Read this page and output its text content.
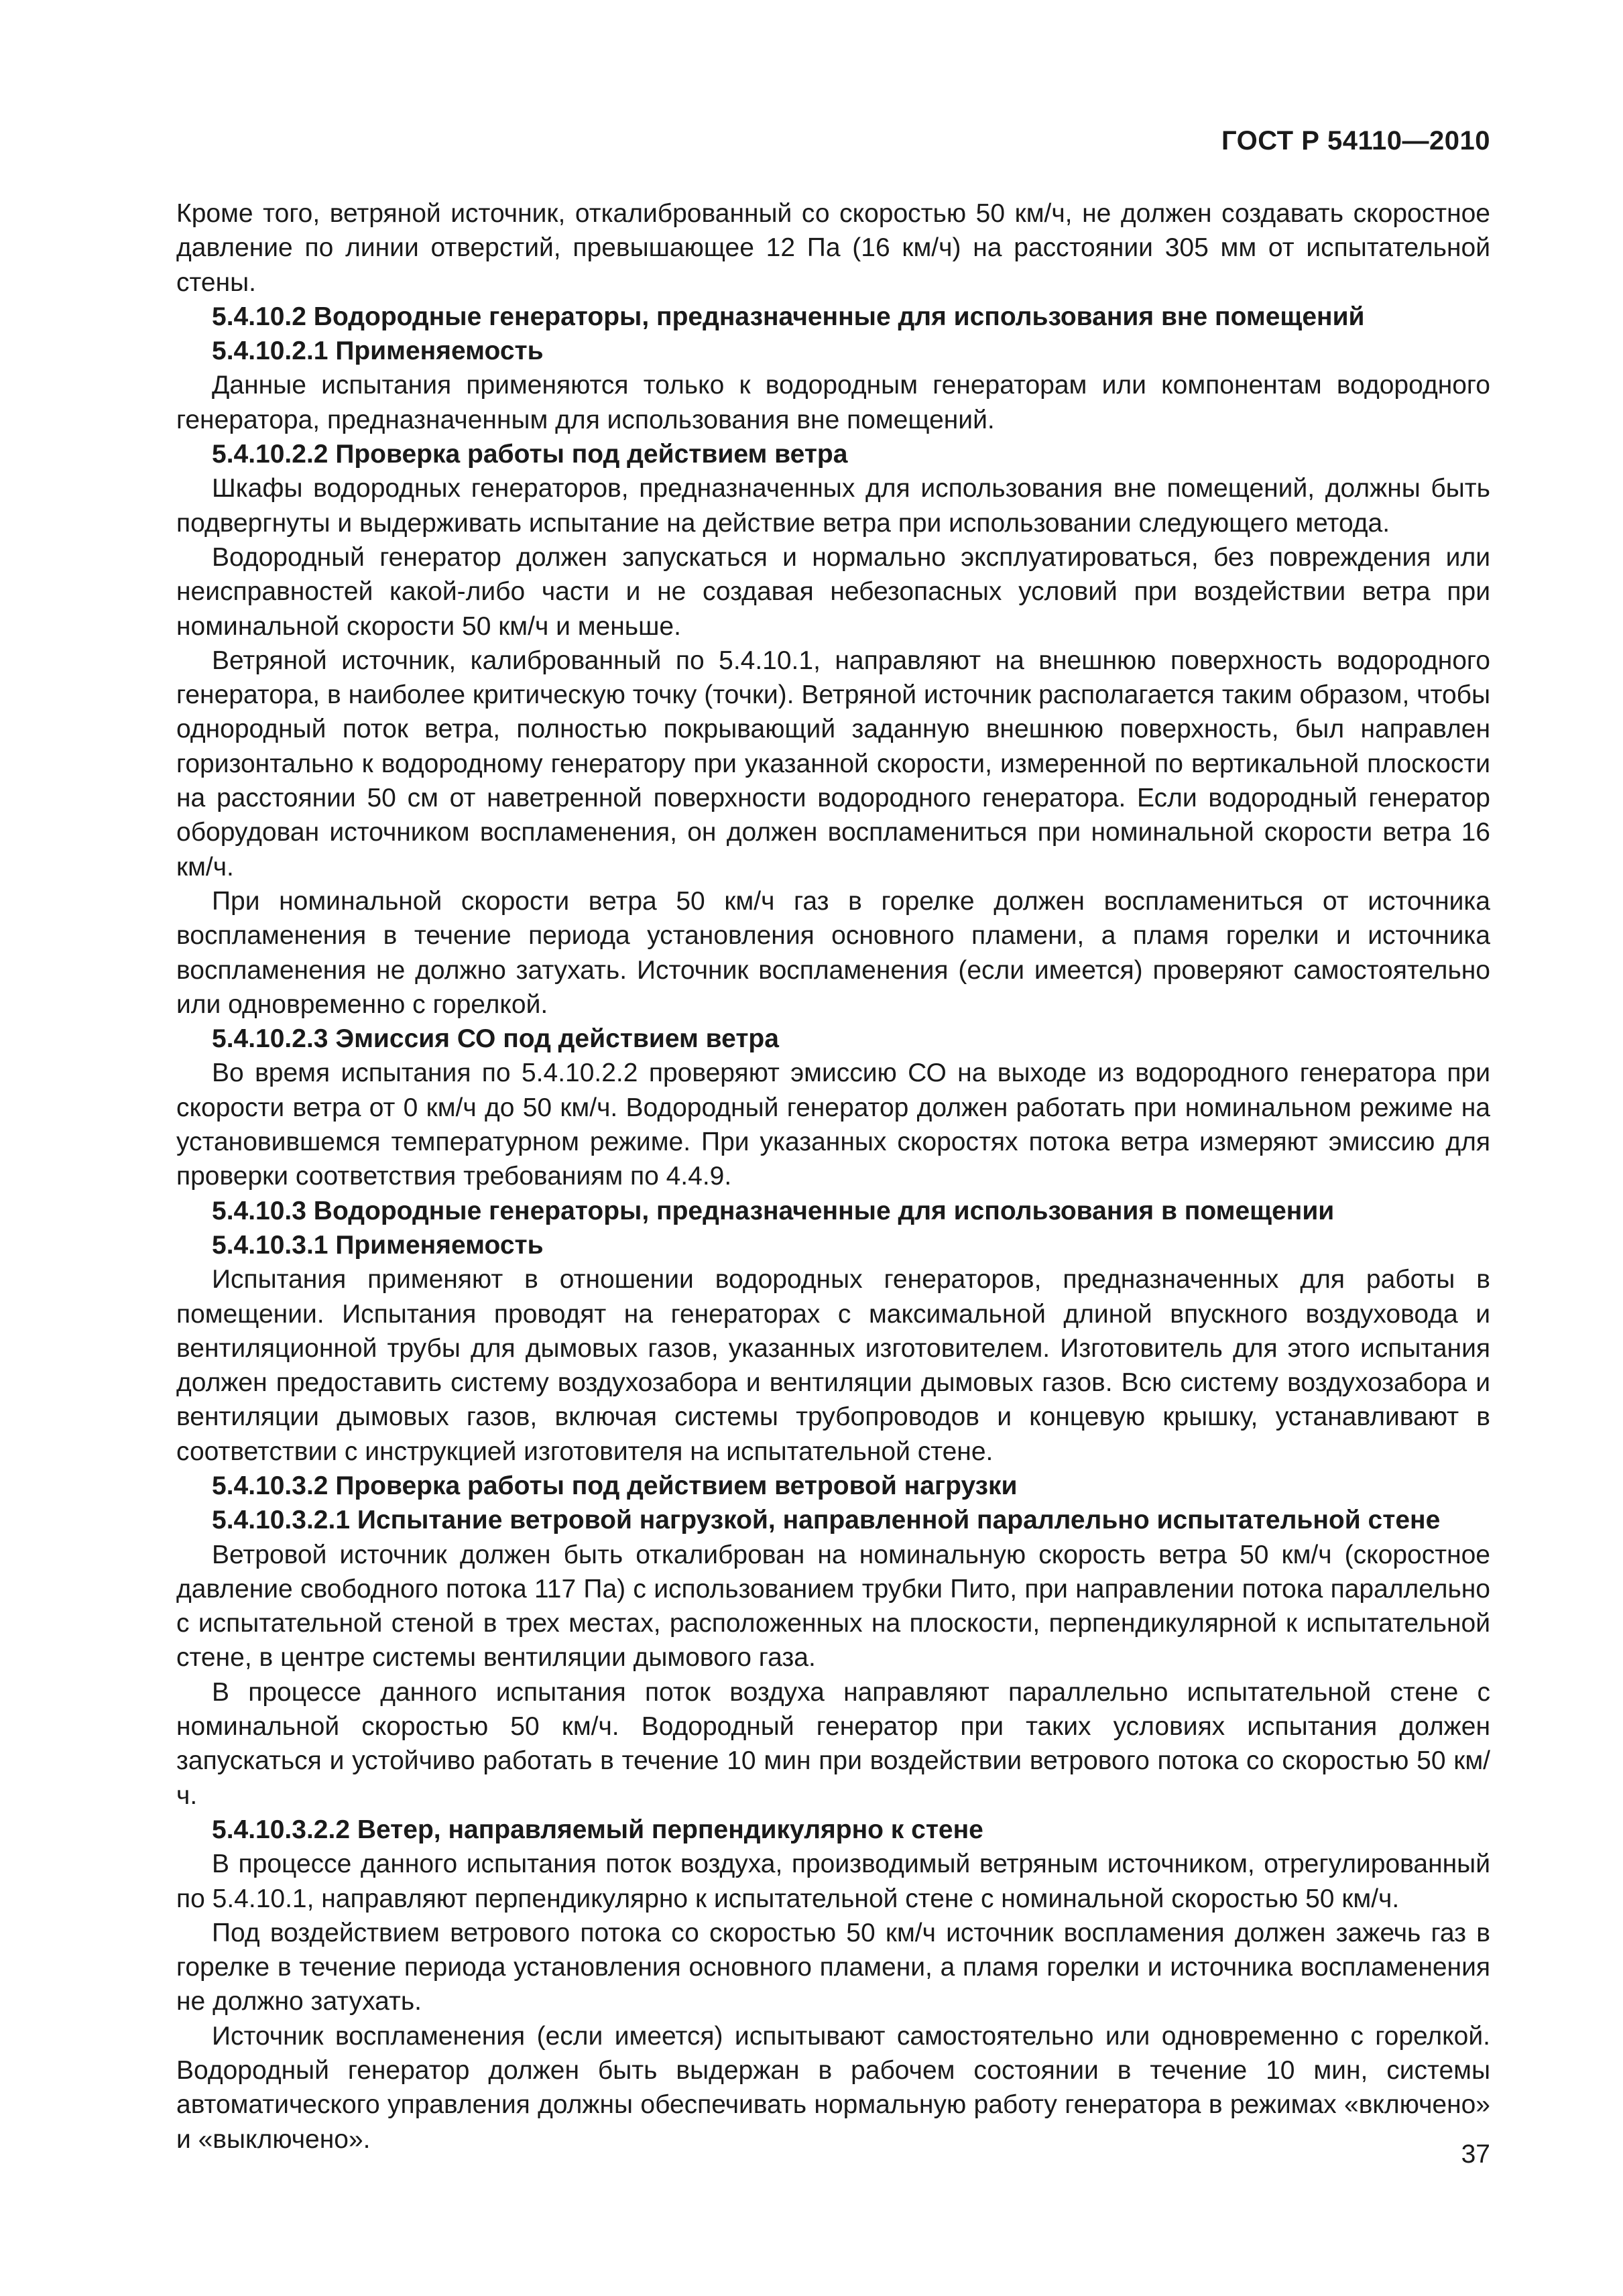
ГОСТ Р 54110—2010

Кроме того, ветряной источник, откалиброванный со скоростью 50 км/ч, не должен создавать скоростное давление по линии отверстий, превышающее 12 Па (16 км/ч) на расстоянии 305 мм от испытательной стены.

5.4.10.2 Водородные генераторы, предназначенные для использования вне помещений

5.4.10.2.1 Применяемость

Данные испытания применяются только к водородным генераторам или компонентам водородного генератора, предназначенным для использования вне помещений.

5.4.10.2.2 Проверка работы под действием ветра

Шкафы водородных генераторов, предназначенных для использования вне помещений, должны быть подвергнуты и выдерживать испытание на действие ветра при использовании следующего метода.

Водородный генератор должен запускаться и нормально эксплуатироваться, без повреждения или неисправностей какой-либо части и не создавая небезопасных условий при воздействии ветра при номинальной скорости 50 км/ч и меньше.

Ветряной источник, калиброванный по 5.4.10.1, направляют на внешнюю поверхность водородного генератора, в наиболее критическую точку (точки). Ветряной источник располагается таким образом, чтобы однородный поток ветра, полностью покрывающий заданную внешнюю поверхность, был направлен горизонтально к водородному генератору при указанной скорости, измеренной по вертикальной плоскости на расстоянии 50 см от наветренной поверхности водородного генератора. Если водородный генератор оборудован источником воспламенения, он должен воспламениться при номинальной скорости ветра 16 км/ч.

При номинальной скорости ветра 50 км/ч газ в горелке должен воспламениться от источника воспламенения в течение периода установления основного пламени, а пламя горелки и источника воспламенения не должно затухать. Источник воспламенения (если имеется) проверяют самостоятельно или одновременно с горелкой.

5.4.10.2.3 Эмиссия СО под действием ветра

Во время испытания по 5.4.10.2.2 проверяют эмиссию СО на выходе из водородного генератора при скорости ветра от 0 км/ч до 50 км/ч. Водородный генератор должен работать при номинальном режиме на установившемся температурном режиме. При указанных скоростях потока ветра измеряют эмиссию для проверки соответствия требованиям по 4.4.9.

5.4.10.3 Водородные генераторы, предназначенные для использования в помещении

5.4.10.3.1 Применяемость

Испытания применяют в отношении водородных генераторов, предназначенных для работы в помещении. Испытания проводят на генераторах с максимальной длиной впускного воздуховода и вентиляционной трубы для дымовых газов, указанных изготовителем. Изготовитель для этого испытания должен предоставить систему воздухозабора и вентиляции дымовых газов. Всю систему воздухозабора и вентиляции дымовых газов, включая системы трубопроводов и концевую крышку, устанавливают в соответствии с инструкцией изготовителя на испытательной стене.

5.4.10.3.2 Проверка работы под действием ветровой нагрузки

5.4.10.3.2.1 Испытание ветровой нагрузкой, направленной параллельно испытательной стене

Ветровой источник должен быть откалиброван на номинальную скорость ветра 50 км/ч (скоростное давление свободного потока 117 Па) с использованием трубки Пито, при направлении потока параллельно с испытательной стеной в трех местах, расположенных на плоскости, перпендикулярной к испытательной стене, в центре системы вентиляции дымового газа.

В процессе данного испытания поток воздуха направляют параллельно испытательной стене с номинальной скоростью 50 км/ч. Водородный генератор при таких условиях испытания должен запускаться и устойчиво работать в течение 10 мин при воздействии ветрового потока со скоростью 50 км/ч.

5.4.10.3.2.2 Ветер, направляемый перпендикулярно к стене

В процессе данного испытания поток воздуха, производимый ветряным источником, отрегулированный по 5.4.10.1, направляют перпендикулярно к испытательной стене с номинальной скоростью 50 км/ч.

Под воздействием ветрового потока со скоростью 50 км/ч источник воспламения должен зажечь газ в горелке в течение периода установления основного пламени, а пламя горелки и источника воспламенения не должно затухать.

Источник воспламенения (если имеется) испытывают самостоятельно или одновременно с горелкой. Водородный генератор должен быть выдержан в рабочем состоянии в течение 10 мин, системы автоматического управления должны обеспечивать нормальную работу генератора в режимах «включено» и «выключено».

37
